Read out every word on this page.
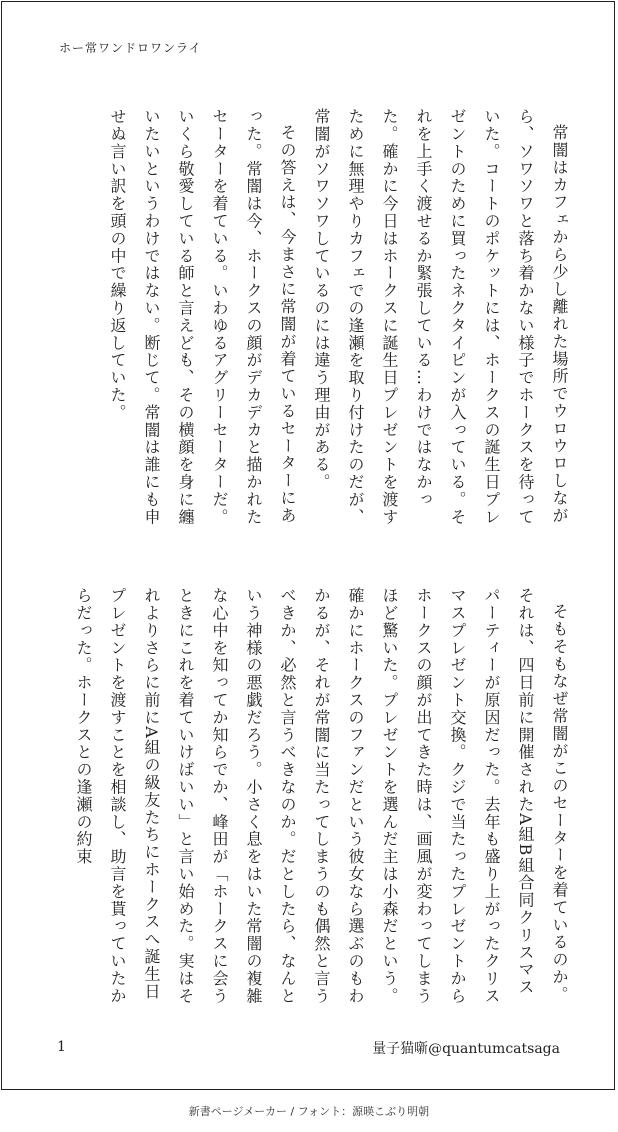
ホー常ワンドロワンライ

常闇はカフェから少し離れた場所でウロウロしながら、ソワソワと落ち着かない様子でホークスを待っていた。コートのポケットには、ホークスの誕生日プレゼントのために買ったネクタイピンが入っている。それを上手く渡せるか緊張している…わけではなかった。確かに今日はホークスに誕生日プレゼントを渡すために無理やりカフェでの逢瀬を取り付けたのだが、常闇がソワソワしているのには違う理由がある。

その答えは、今まさに常闇が着ているセーターにあった。常闇は今、ホークスの顔がデカデカと描かれたセーターを着ている。いわゆるアグリーセーターだ。いくら敬愛している師と言えども、その横顔を身に纏いたいというわけではない。断じて。常闇は誰にも申せぬ言い訳を頭の中で繰り返していた。

そもそもなぜ常闇がこのセーターを着ているのか。それは、四日前に開催されたA組B組合同クリスマスパーティーが原因だった。去年も盛り上がったクリスマスプレゼント交換。クジで当たったプレゼントからホークスの顔が出てきた時は、画風が変わってしまうほど驚いた。プレゼントを選んだ主は小森だという。確かにホークスのファンだという彼女なら選ぶのもわかるが、それが常闇に当たってしまうのも偶然と言うべきか、必然と言うべきなのか。だとしたら、なんという神様の悪戯だろう。小さく息をはいた常闇の複雑な心中を知ってか知らでか、峰田が「ホークスに会うときにこれを着ていけばいい」と言い始めた。実はそれよりさらに前にA組の級友たちにホークスへ誕生日プレゼントを渡すことを相談し、助言を貰っていたからだった。ホークスとの逢瀬の約束

1	量子猫噺@quantumcatsaga
新書ページメーカー / フォント：源暎こぶり明朝
